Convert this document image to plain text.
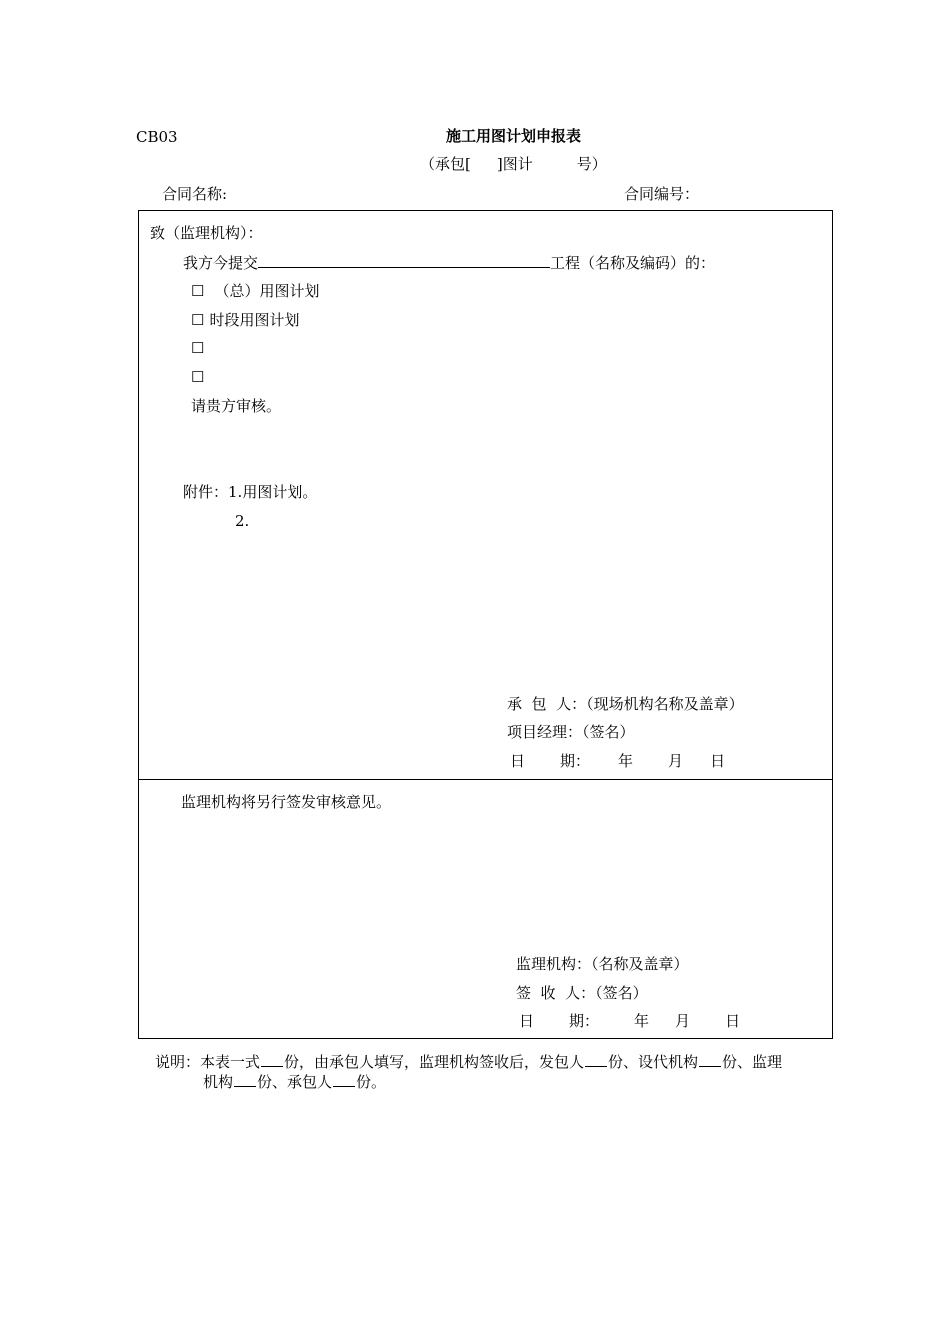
CB03	施工用图计划申报表
（承包[ ]图计	号）
合同名称:	合同编号：
致（监理机构）：
我方今提交	工程（名称及编码）的：
☐ （总）用图计划
☐ 时段用图计划
☐
☐
请贵方审核。
附件：1.用图计划。
2.
承  包  人：（现场机构名称及盖章）
项目经理：（签名）
日 期： 年 月 日
监理机构将另行签发审核意见。
监理机构：（名称及盖章）
签  收  人：（签名）
日 期： 年 月 日
说明：本表一式 份，由承包人填写，监理机构签收后，发包人 份、设代机构 份、监理
机构 份、承包人 份。
